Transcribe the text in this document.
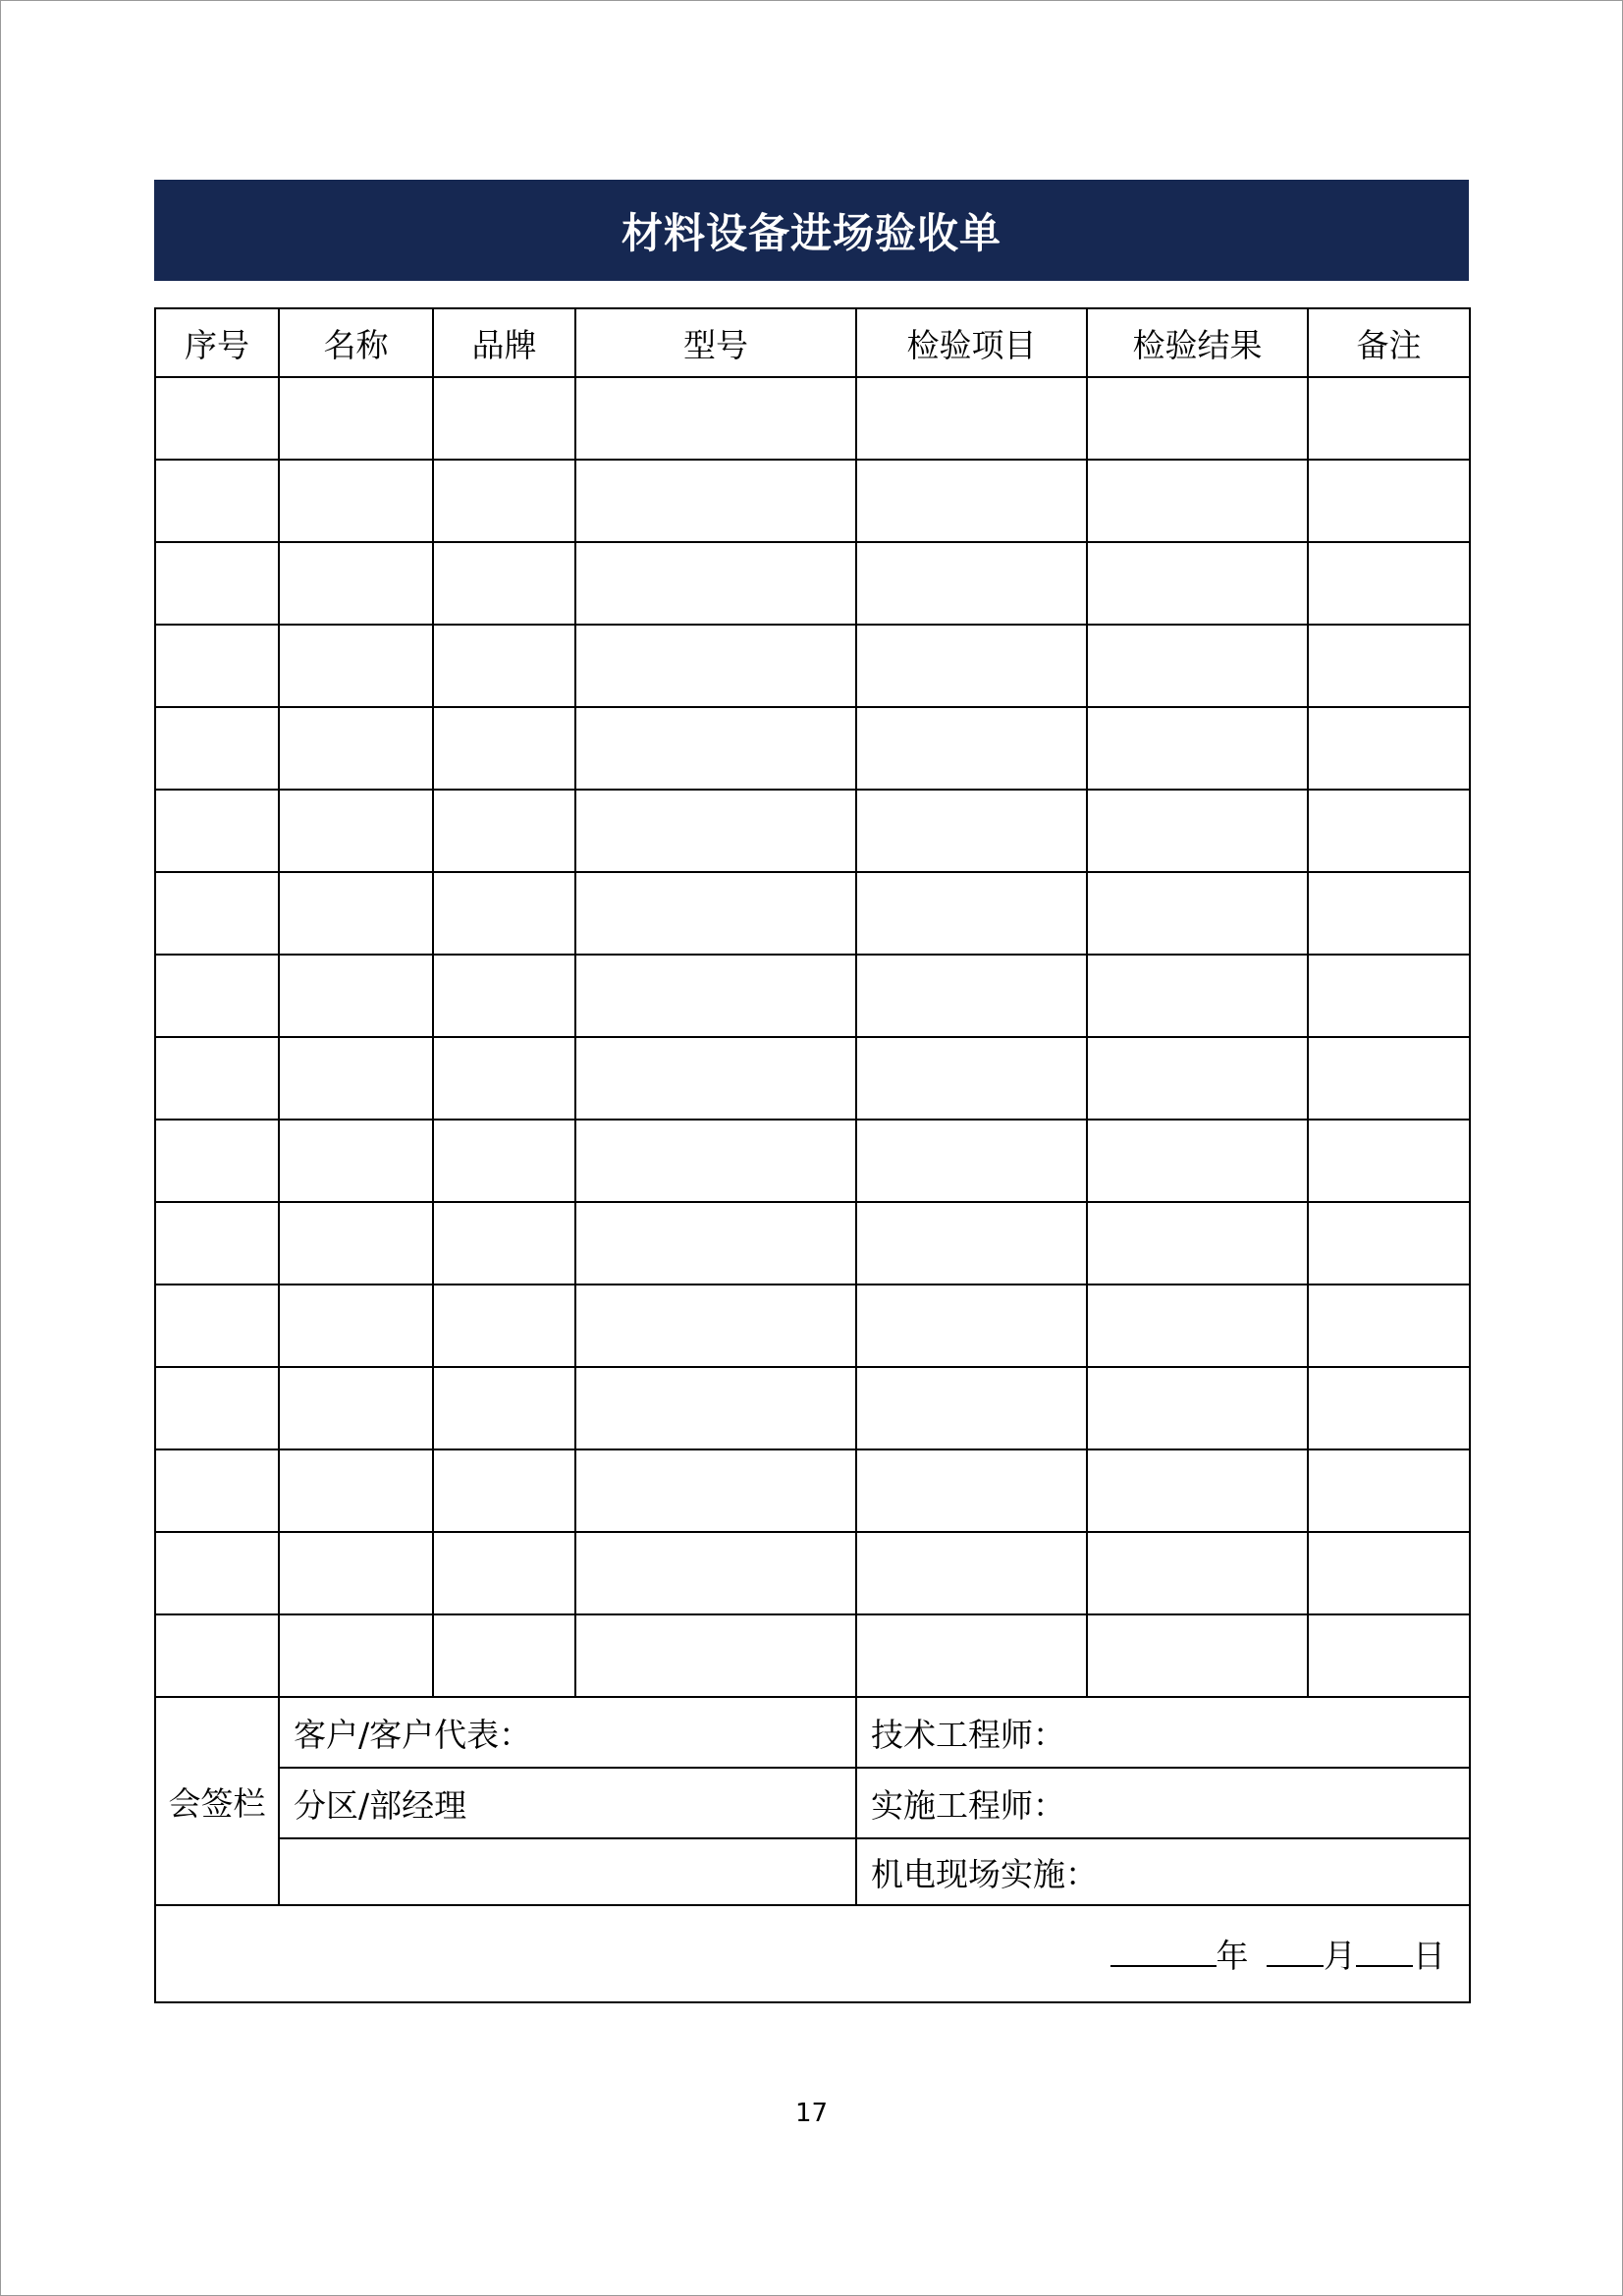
材料设备进场验收单
序号	名称	品牌	型号	检验项目	检验结果	备注

会签栏	客户/客户代表：			技术工程师：		
	分区/部经理			实施工程师：		
				机电现场实施：		
年 月 日						
17
